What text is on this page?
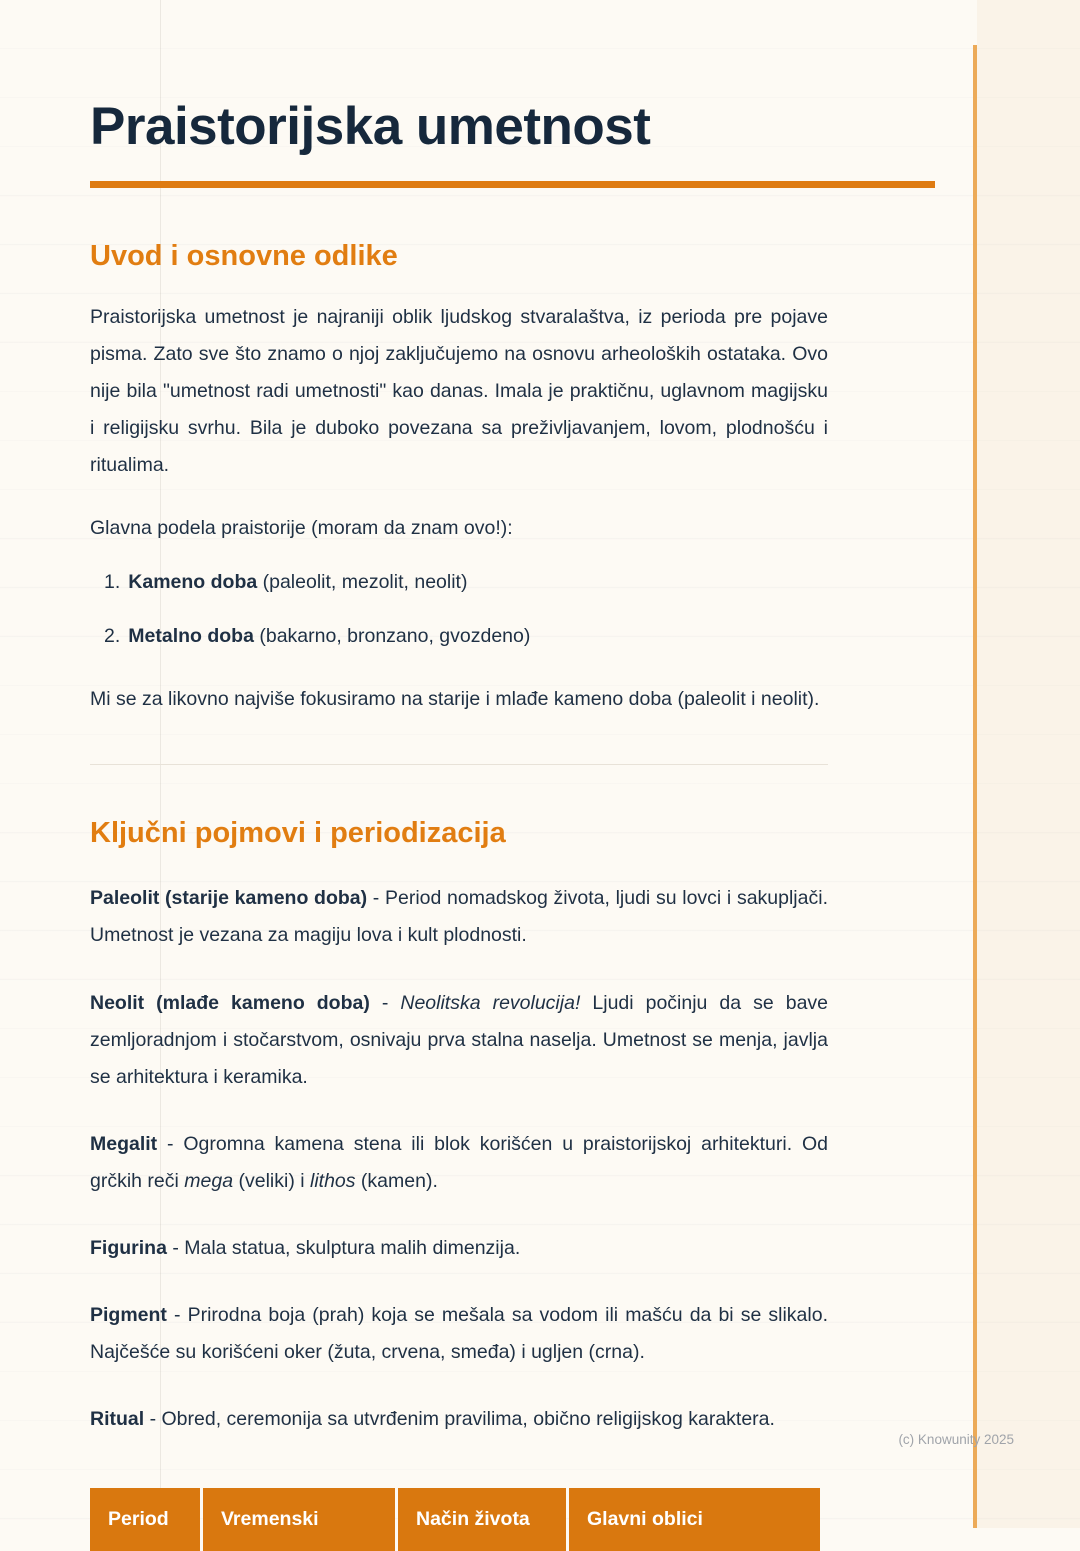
Praistorijska umetnost
Uvod i osnovne odlike

Praistorijska umetnost je najraniji oblik ljudskog stvaralaštva, iz perioda pre pojave pisma. Zato sve što znamo o njoj zaključujemo na osnovu arheoloških ostataka. Ovo nije bila "umetnost radi umetnosti" kao danas. Imala je praktičnu, uglavnom magijsku i religijsku svrhu. Bila je duboko povezana sa preživljavanjem, lovom, plodnošću i ritualima.

Glavna podela praistorije (moram da znam ovo!):

1. Kameno doba (paleolit, mezolit, neolit)
2. Metalno doba (bakarno, bronzano, gvozdeno)

Mi se za likovno najviše fokusiramo na starije i mlađe kameno doba (paleolit i neolit).

Ključni pojmovi i periodizacija

Paleolit (starije kameno doba) - Period nomadskog života, ljudi su lovci i sakupljači. Umetnost je vezana za magiju lova i kult plodnosti.

Neolit (mlađe kameno doba) - Neolitska revolucija! Ljudi počinju da se bave zemljoradnjom i stočarstvom, osnivaju prva stalna naselja. Umetnost se menja, javlja se arhitektura i keramika.

Megalit - Ogromna kamena stena ili blok korišćen u praistorijskoj arhitekturi. Od grčkih reči mega (veliki) i lithos (kamen).

Figurina - Mala statua, skulptura malih dimenzija.

Pigment - Prirodna boja (prah) koja se mešala sa vodom ili mašću da bi se slikalo. Najčešće su korišćeni oker (žuta, crvena, smeđa) i ugljen (crna).

Ritual - Obred, ceremonija sa utvrđenim pravilima, obično religijskog karaktera.

Period	Vremenski	Način života	Glavni oblici
(c) Knowunity 2025
